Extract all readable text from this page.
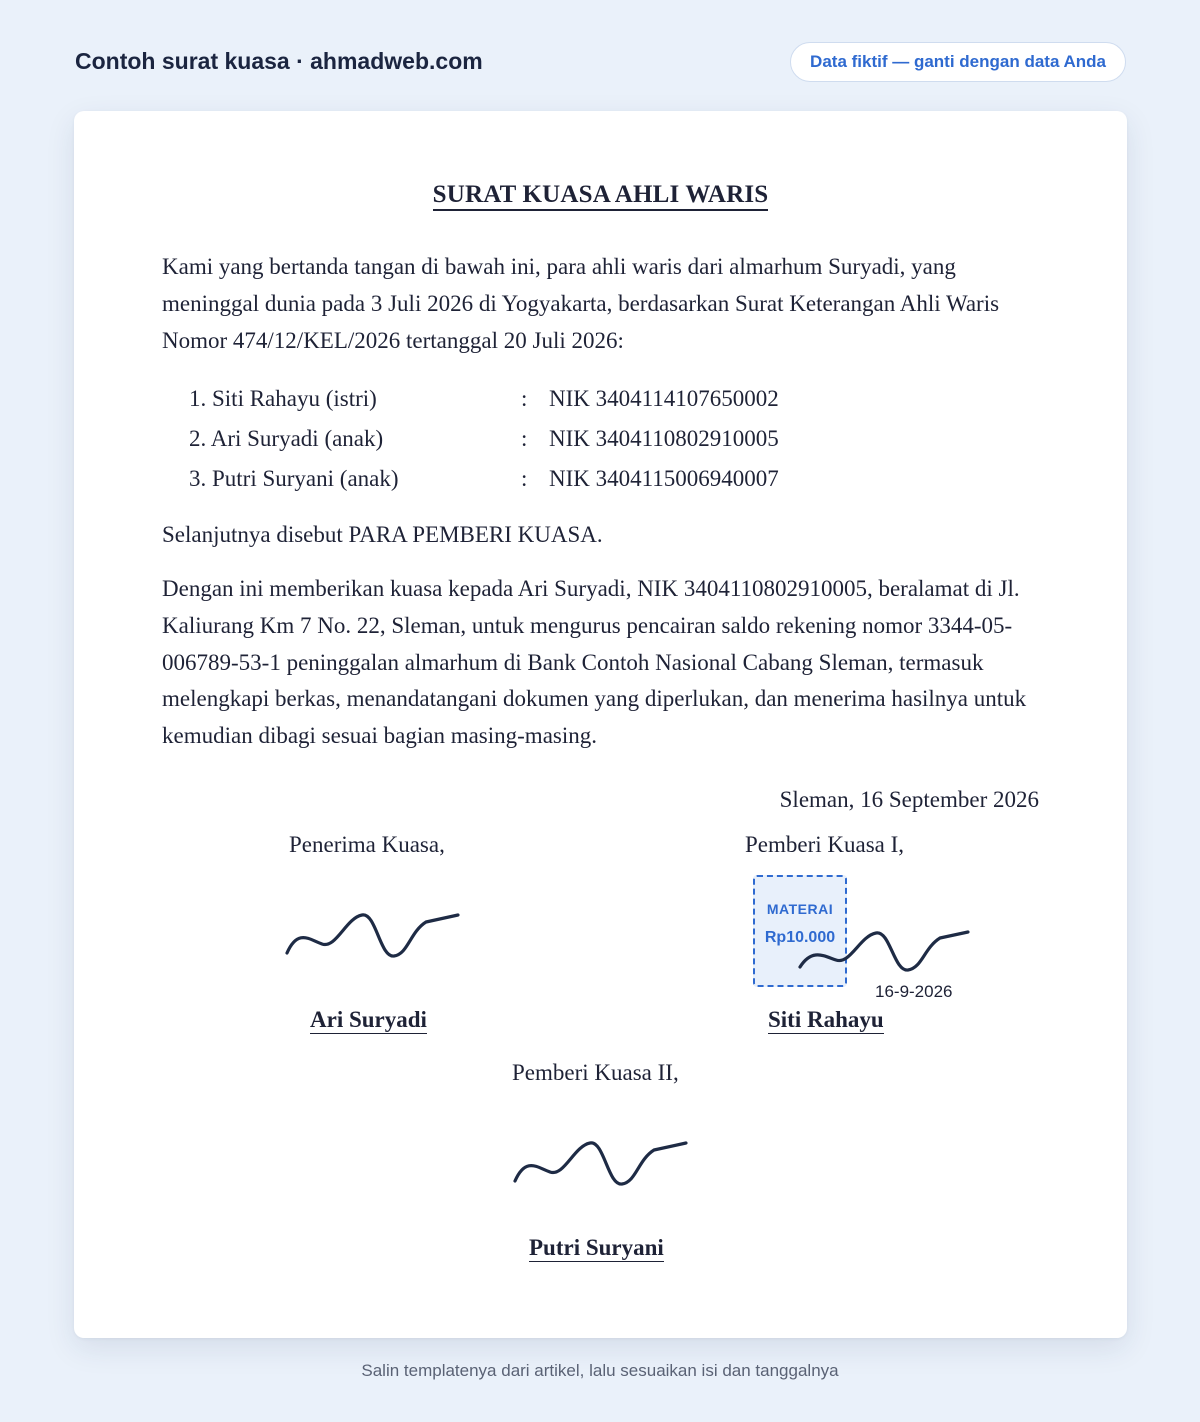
Contoh surat kuasa · ahmadweb.com	Data fiktif — ganti dengan data Anda
SURAT KUASA AHLI WARIS

Kami yang bertanda tangan di bawah ini, para ahli waris dari almarhum Suryadi, yang meninggal dunia pada 3 Juli 2026 di Yogyakarta, berdasarkan Surat Keterangan Ahli Waris Nomor 474/12/KEL/2026 tertanggal 20 Juli 2026:

1. Siti Rahayu (istri)	: NIK 3404114107650002
2. Ari Suryadi (anak)	: NIK 3404110802910005
3. Putri Suryani (anak)	: NIK 3404115006940007

Selanjutnya disebut PARA PEMBERI KUASA.

Dengan ini memberikan kuasa kepada Ari Suryadi, NIK 3404110802910005, beralamat di Jl. Kaliurang Km 7 No. 22, Sleman, untuk mengurus pencairan saldo rekening nomor 3344-05-006789-53-1 peninggalan almarhum di Bank Contoh Nasional Cabang Sleman, termasuk melengkapi berkas, menandatangani dokumen yang diperlukan, dan menerima hasilnya untuk kemudian dibagi sesuai bagian masing-masing.

Sleman, 16 September 2026
Penerima Kuasa,
Ari Suryadi
Pemberi Kuasa I,
MATERAI
Rp10.000
16-9-2026
Siti Rahayu
Pemberi Kuasa II,
Putri Suryani
Salin templatenya dari artikel, lalu sesuaikan isi dan tanggalnya
